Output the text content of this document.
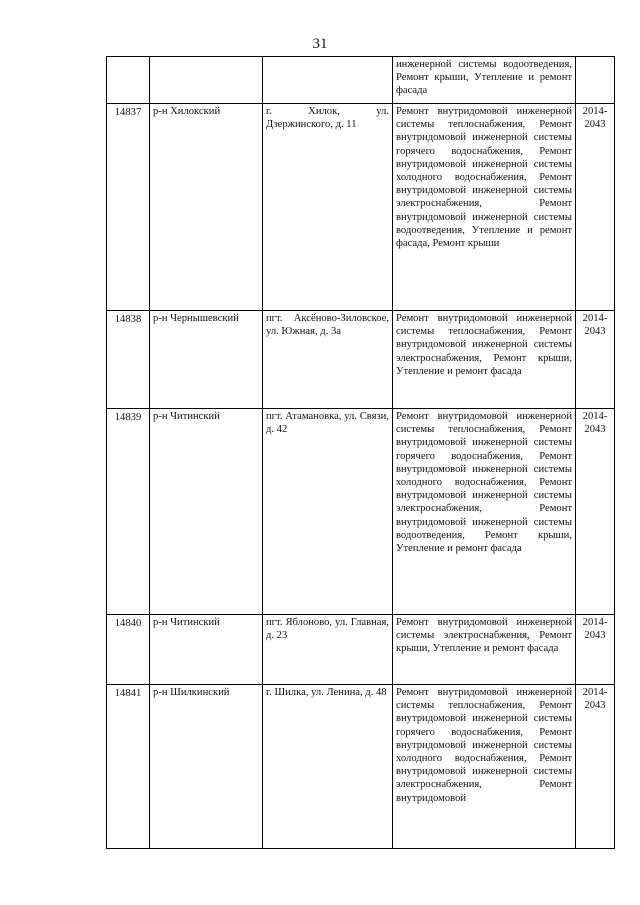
31
			инженерной системы водоотведения, Ремонт крыши, Утепление и ремонт фасада	
14837	р-н Хилокский	г. Хилок, ул. Дзержинского, д. 11	Ремонт внутридомовой инженерной системы теплоснабжения, Ремонт внутридомовой инженерной системы горячего водоснабжения, Ремонт внутридомовой инженерной системы холодного водоснабжения, Ремонт внутридомовой инженерной системы электроснабжения, Ремонт внутридомовой инженерной системы водоотведения, Утепление и ремонт фасада, Ремонт крыши	2014-2043
14838	р-н Чернышевский	пгт. Аксёново-Зиловское, ул. Южная, д. 3а	Ремонт внутридомовой инженерной системы теплоснабжения, Ремонт внутридомовой инженерной системы электроснабжения, Ремонт крыши, Утепление и ремонт фасада	2014-2043
14839	р-н Читинский	пгт. Атамановка, ул. Связи, д. 42	Ремонт внутридомовой инженерной системы теплоснабжения, Ремонт внутридомовой инженерной системы горячего водоснабжения, Ремонт внутридомовой инженерной системы холодного водоснабжения, Ремонт внутридомовой инженерной системы электроснабжения, Ремонт внутридомовой инженерной системы водоотведения, Ремонт крыши, Утепление и ремонт фасада	2014-2043
14840	р-н Читинский	пгт. Яблоново, ул. Главная, д. 23	Ремонт внутридомовой инженерной системы электроснабжения, Ремонт крыши, Утепление и ремонт фасада	2014-2043
14841	р-н Шилкинский	г. Шилка, ул. Ленина, д. 48	Ремонт внутридомовой инженерной системы теплоснабжения, Ремонт внутридомовой инженерной системы горячего водоснабжения, Ремонт внутридомовой инженерной системы холодного водоснабжения, Ремонт внутридомовой инженерной системы электроснабжения, Ремонт внутридомовой	2014-2043
